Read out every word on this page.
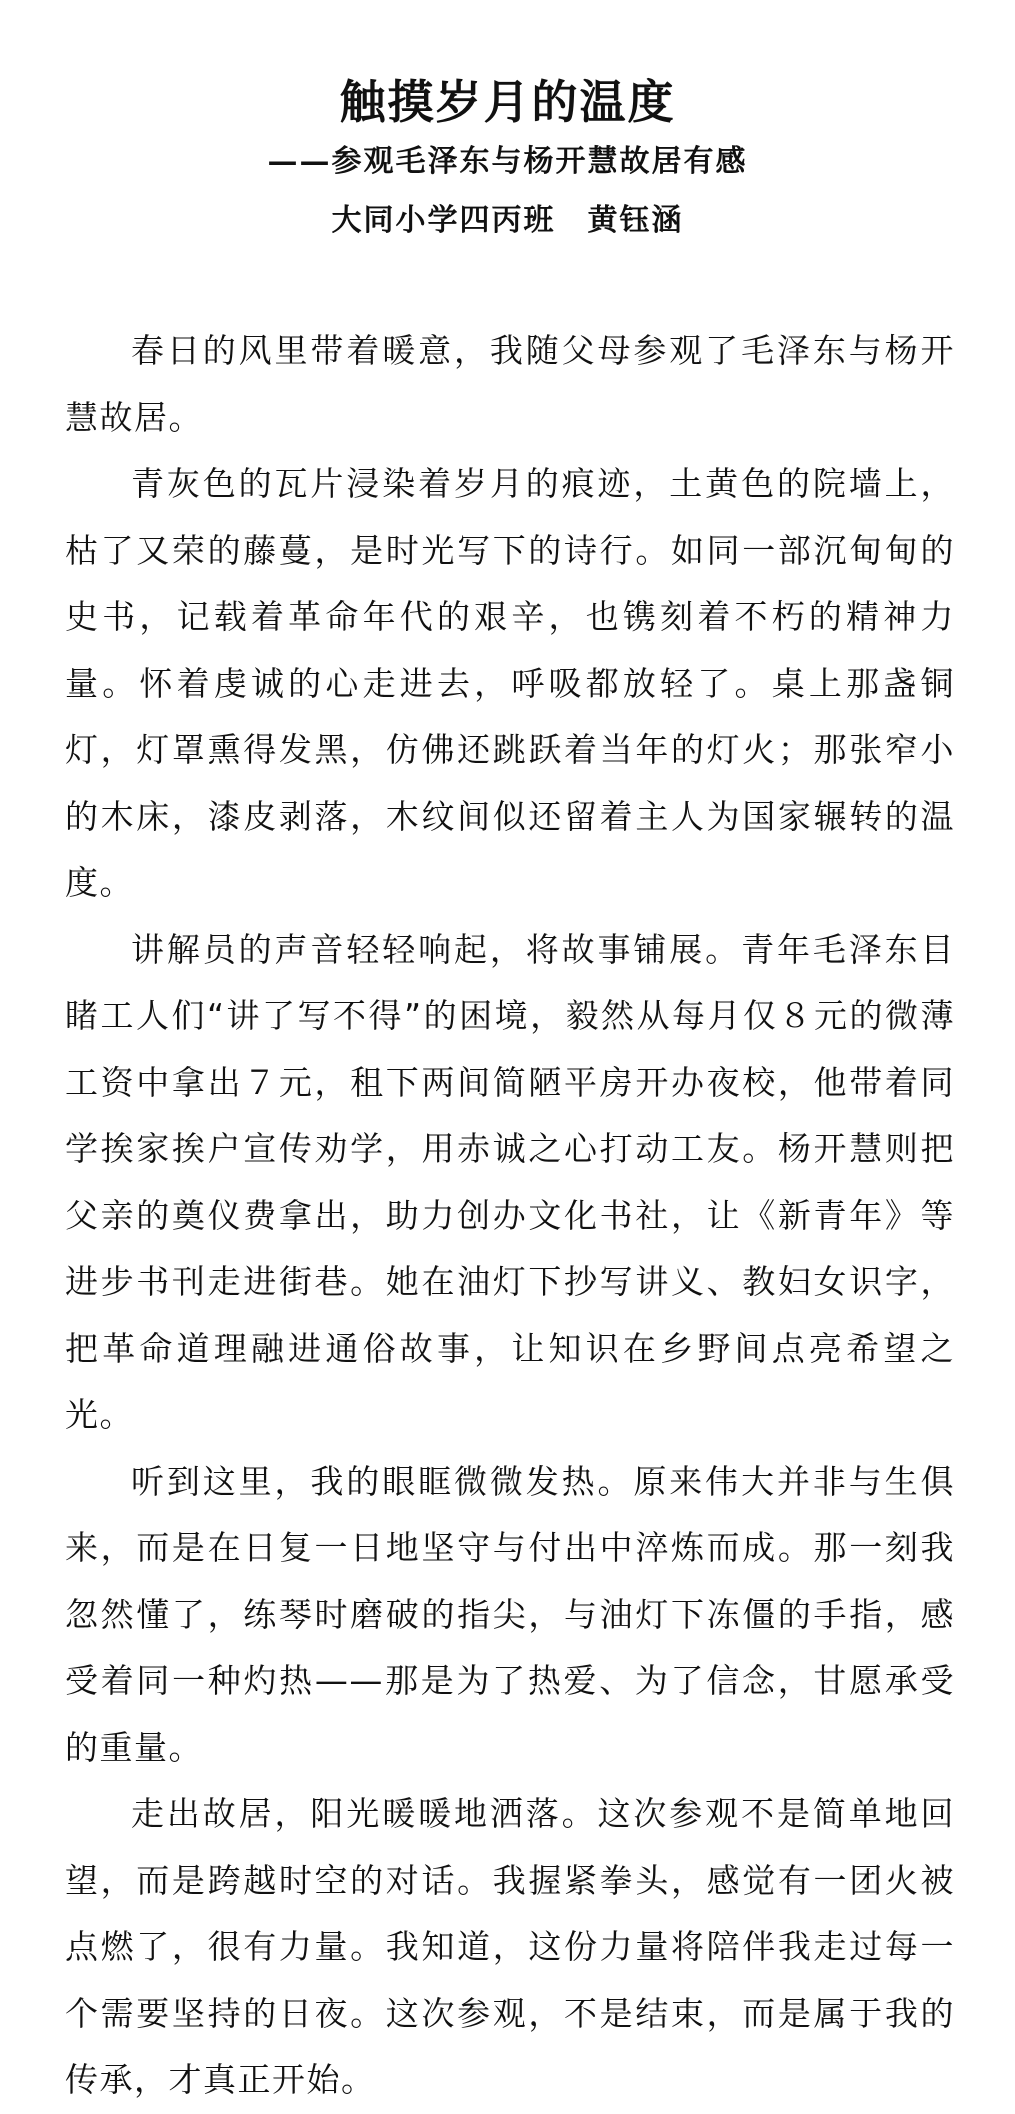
触摸岁月的温度
——参观毛泽东与杨开慧故居有感
大同小学四丙班　黄钰涵

春日的风里带着暖意，我随父母参观了毛泽东与杨开慧故居。

青灰色的瓦片浸染着岁月的痕迹，土黄色的院墙上，枯了又荣的藤蔓，是时光写下的诗行。如同一部沉甸甸的史书，记载着革命年代的艰辛，也镌刻着不朽的精神力量。怀着虔诚的心走进去，呼吸都放轻了。桌上那盏铜灯，灯罩熏得发黑，仿佛还跳跃着当年的灯火；那张窄小的木床，漆皮剥落，木纹间似还留着主人为国家辗转的温度。

讲解员的声音轻轻响起，将故事铺展。青年毛泽东目睹工人们“讲了写不得”的困境，毅然从每月仅８元的微薄工资中拿出７元，租下两间简陋平房开办夜校，他带着同学挨家挨户宣传劝学，用赤诚之心打动工友。杨开慧则把父亲的奠仪费拿出，助力创办文化书社，让《新青年》等进步书刊走进街巷。她在油灯下抄写讲义、教妇女识字，把革命道理融进通俗故事，让知识在乡野间点亮希望之光。

听到这里，我的眼眶微微发热。原来伟大并非与生俱来，而是在日复一日地坚守与付出中淬炼而成。那一刻我忽然懂了，练琴时磨破的指尖，与油灯下冻僵的手指，感受着同一种灼热——那是为了热爱、为了信念，甘愿承受的重量。

走出故居，阳光暖暖地洒落。这次参观不是简单地回望，而是跨越时空的对话。我握紧拳头，感觉有一团火被点燃了，很有力量。我知道，这份力量将陪伴我走过每一个需要坚持的日夜。这次参观，不是结束，而是属于我的传承，才真正开始。
